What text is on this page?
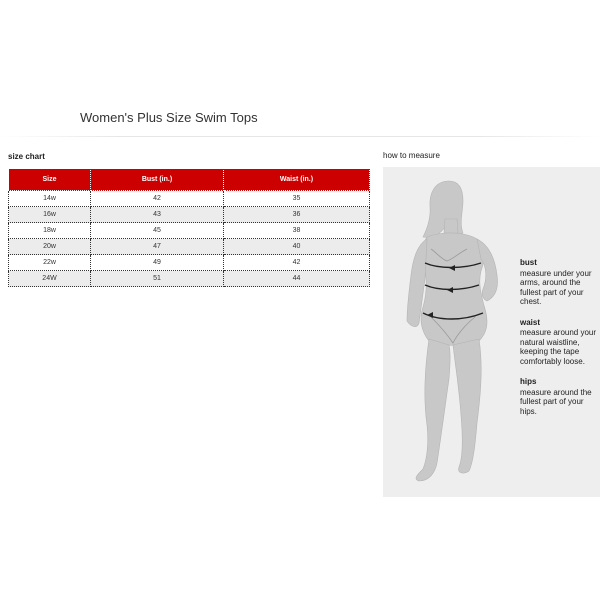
Women's Plus Size Swim Tops
size chart
Size	Bust (in.)	Waist (in.)
14w	42	35
16w	43	36
18w	45	38
20w	47	40
22w	49	42
24W	51	44
how to measure

bust

measure under your arms, around the fullest part of your chest.

waist

measure around your natural waistline, keeping the tape comfortably loose.

hips

measure around the fullest part of your hips.
